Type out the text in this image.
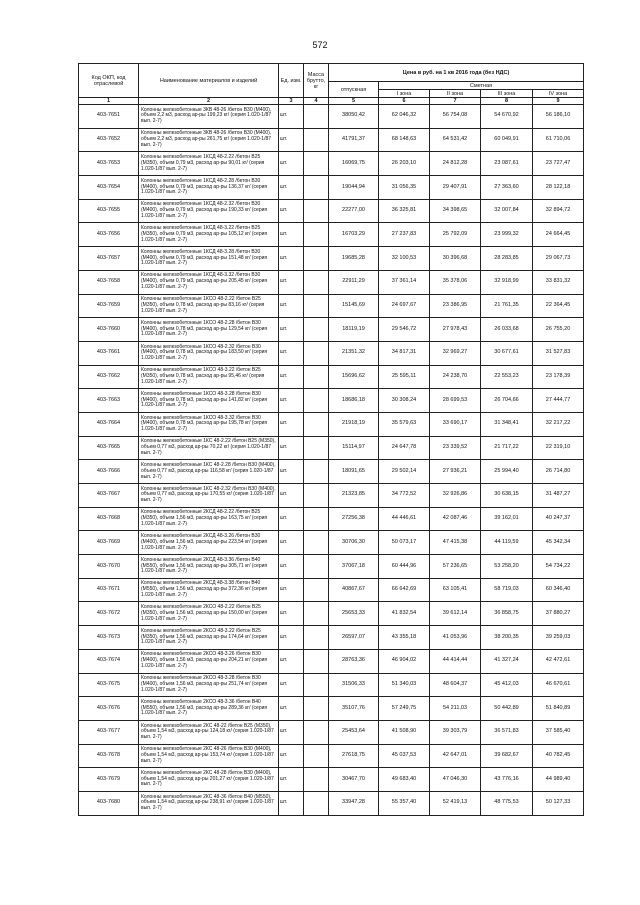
572
Код ОКП, код отраслевой	Наименование материалов и изделий	Ед. изм.	Масса брутто, кг	Цена в руб. на 1 кв 2016 года (без НДС)				
				отпускная	Сметная			
					I зона	II зона	III зона	IV зона
1	2	3	4	5	6	7	8	9
403-7651	Колонны железобетонные 3КВ 48-26 /бетон В30 (М400), объем 2,2 м3, расход ар-ры 199,23 кг/ (серия 1.020-1/87 вып. 2-7)	шт.		38050,42	62 046,32	56 754,08	54 670,92	56 186,10
403-7652	Колонны железобетонные 3КВ 48-26 /бетон В30 (М400), объем 2,2 м3, расход ар-ры 261,75 кг/ (серия 1.020-1/87 вып. 2-7)	шт.		41791,37	68 148,63	64 531,42	60 049,91	61 710,06
403-7653	Колонны железобетонные 1КСД 48-2.22 /бетон В25 (М350), объем 0,79 м3, расход ар-ры 90,01 кг/ (серия 1.020-1/87 вып. 2-7)	шт.		16069,75	26 203,10	24 812,28	23 087,61	23 727,47
403-7654	Колонны железобетонные 1КСД 48-2.28 /бетон В30 (М400), объем 0,79 м3, расход ар-ры 136,37 кг/ (серия 1.020-1/87 вып. 2-7)	шт.		19044,94	31 056,35	29 407,91	27 363,60	28 122,18
403-7655	Колонны железобетонные 1КСД 48-2.32 /бетон В30 (М400), объем 0,79 м3, расход ар-ры 190,33 кг/ (серия 1.020-1/87 вып. 2-7)	шт.		22277,00	36 325,81	34 398,65	32 007,84	32 894,72
403-7656	Колонны железобетонные 1КСД 48-3.22 /бетон В25 (М350), объем 0,79 м3, расход ар-ры 105,12 кг/ (серия 1.020-1/87 вып. 2-7)	шт.		16703,29	27 237,83	25 792,09	23 999,32	24 664,45
403-7657	Колонны железобетонные 1КСД 48-3.28 /бетон В30 (М400), объем 0,79 м3, расход ар-ры 151,48 кг/ (серия 1.020-1/87 вып. 2-7)	шт.		19685,28	32 100,53	30 396,68	28 283,85	29 067,73
403-7658	Колонны железобетонные 1КСД 48-3.32 /бетон В30 (М400), объем 0,79 м3, расход ар-ры 205,45 кг/ (серия 1.020-1/87 вып. 2-7)	шт.		22911,29	37 361,14	35 378,06	32 918,99	33 831,32
403-7659	Колонны железобетонные 1КСО 48-2.22 /бетон В25 (М350), объем 0,78 м3, расход ар-ры 83,16 кг/ (серия 1.020-1/87 вып. 2-7)	шт.		15145,69	24 697,67	23 386,95	21 761,35	22 364,45
403-7660	Колонны железобетонные 1КСО 48-2.28 /бетон В30 (М400), объем 0,78 м3, расход ар-ры 129,54 кг/ (серия 1.020-1/87 вып. 2-7)	шт.		18119,19	29 546,72	27 978,43	26 033,68	26 755,20
403-7661	Колонны железобетонные 1КСО 48-2.32 /бетон В30 (М400), объем 0,78 м3, расход ар-ры 183,50 кг/ (серия 1.020-1/87 вып. 2-7)	шт.		21351,32	34 817,31	32 969,27	30 677,61	31 527,83
403-7662	Колонны железобетонные 1КСО 48-3.22 /бетон В25 (М350), объем 0,78 м3, расход ар-ры 95,46 кг/ (серия 1.020-1/87 вып. 2-7)	шт.		15696,62	25 595,11	24 238,70	22 553,23	23 178,39
403-7663	Колонны железобетонные 1КСО 48-3.28 /бетон В30 (М400), объем 0,78 м3, расход ар-ры 141,82 кг/ (серия 1.020-1/87 вып. 2-7)	шт.		18686,18	30 308,24	28 699,53	26 704,66	27 444,77
403-7664	Колонны железобетонные 1КСО 48-3.32 /бетон В30 (М400), объем 0,78 м3, расход ар-ры 195,78 кг/ (серия 1.020-1/87 вып. 2-7)	шт.		21918,19	35 579,63	33 690,17	31 348,41	32 217,22
403-7665	Колонны железобетонные 1КС 48-2.22 /бетон В25 (М350), объем 0,77 м3, расход ар-ры 70,22 кг/ (серия 1.020-1/87 вып. 2-7)	шт.		15114,97	24 647,78	23 339,52	21 717,22	22 319,10
403-7666	Колонны железобетонные 1КС 48-2.28 /бетон В30 (М400), объем 0,77 м3, расход ар-ры 116,58 кг/ (серия 1.020-1/87 вып. 2-7)	шт.		18091,65	29 502,14	27 936,21	25 994,40	26 714,80
403-7667	Колонны железобетонные 1КС 48-2.32 /бетон В30 (М400), объем 0,77 м3, расход ар-ры 170,55 кг/ (серия 1.020-1/87 вып. 2-7)	шт.		21323,85	34 772,52	32 926,86	30 638,15	31 487,27
403-7668	Колонны железобетонные 2КСД 48-2.22 /бетон В25 (М350), объем 1,56 м3, расход ар-ры 163,75 кг/ (серия 1.020-1/87 вып. 2-7)	шт.		27256,38	44 446,61	42 087,46	39 162,01	40 247,37
403-7669	Колонны железобетонные 2КСД 48-3.26 /бетон В30 (М400), объем 1,56 м3, расход ар-ры 223,54 кг/ (серия 1.020-1/87 вып. 2-7)	шт.		30706,30	50 073,17	47 415,38	44 119,59	45 342,34
403-7670	Колонны железобетонные 2КСД 48-3.36 /бетон В40 (М550), объем 1,56 м3, расход ар-ры 305,71 кг/ (серия 1.020-1/87 вып. 2-7)	шт.		37067,18	60 444,96	57 236,65	53 258,20	54 734,22
403-7671	Колонны железобетонные 2КСД 48-3.38 /бетон В40 (М550), объем 1,56 м3, расход ар-ры 372,36 кг/ (серия 1.020-1/87 вып. 2-7)	шт.		40867,67	66 642,69	63 105,41	58 719,03	60 346,40
403-7672	Колонны железобетонные 2КСО 48-2.22 /бетон В25 (М350), объем 1,56 м3, расход ар-ры 150,00 кг/ (серия 1.020-1/87 вып. 2-7)	шт.		25653,33	41 832,54	39 612,14	36 858,75	37 880,27
403-7673	Колонны железобетонные 2КСО 48-3.22 /бетон В25 (М350), объем 1,56 м3, расход ар-ры 174,64 кг/ (серия 1.020-1/87 вып. 2-7)	шт.		26597,07	43 355,18	41 053,96	38 200,35	39 259,03
403-7674	Колонны железобетонные 2КСО 48-3.26 /бетон В30 (М400), объем 1,56 м3, расход ар-ры 204,21 кг/ (серия 1.020-1/87 вып. 2-7)	шт.		28763,36	46 904,02	44 414,44	41 327,24	42 472,61
403-7675	Колонны железобетонные 2КСО 48-3.28 /бетон В30 (М400), объем 1,56 м3, расход ар-ры 251,74 кг/ (серия 1.020-1/87 вып. 2-7)	шт.		31506,33	51 340,03	48 604,37	45 412,03	46 670,61
403-7676	Колонны железобетонные 2КСО 48-3.36 /бетон В40 (М550), объем 1,56 м3, расход ар-ры 289,36 кг/ (серия 1.020-1/87 вып. 2-7)	шт.		35107,76	57 249,75	54 211,03	50 442,89	51 840,89
403-7677	Колонны железобетонные 2КС 48-22 /бетон В25 (М350), объем 1,54 м3, расход ар-ры 124,18 кг/ (серия 1.020-1/87 вып. 2-7)	шт.		25453,64	41 508,90	39 303,79	36 571,83	37 585,40
403-7678	Колонны железобетонные 2КС 48-26 /бетон В30 (М400), объем 1,54 м3, расход ар-ры 153,74 кг/ (серия 1.020-1/87 вып. 2-7)	шт.		27618,75	45 037,53	42 647,01	39 682,67	40 782,45
403-7679	Колонны железобетонные 2КС 48-28 /бетон В30 (М400), объем 1,54 м3, расход ар-ры 201,27 кг/ (серия 1.020-1/87 вып. 2-7)	шт.		30467,70	49 683,40	47 046,30	43 776,16	44 989,40
403-7680	Колонны железобетонные 2КС 48-36 /бетон В40 (М550), объем 1,54 м3, расход ар-ры 238,91 кг/ (серия 1.020-1/87 вып. 2-7)	шт.		33947,28	55 357,40	52 419,13	48 775,53	50 127,33
